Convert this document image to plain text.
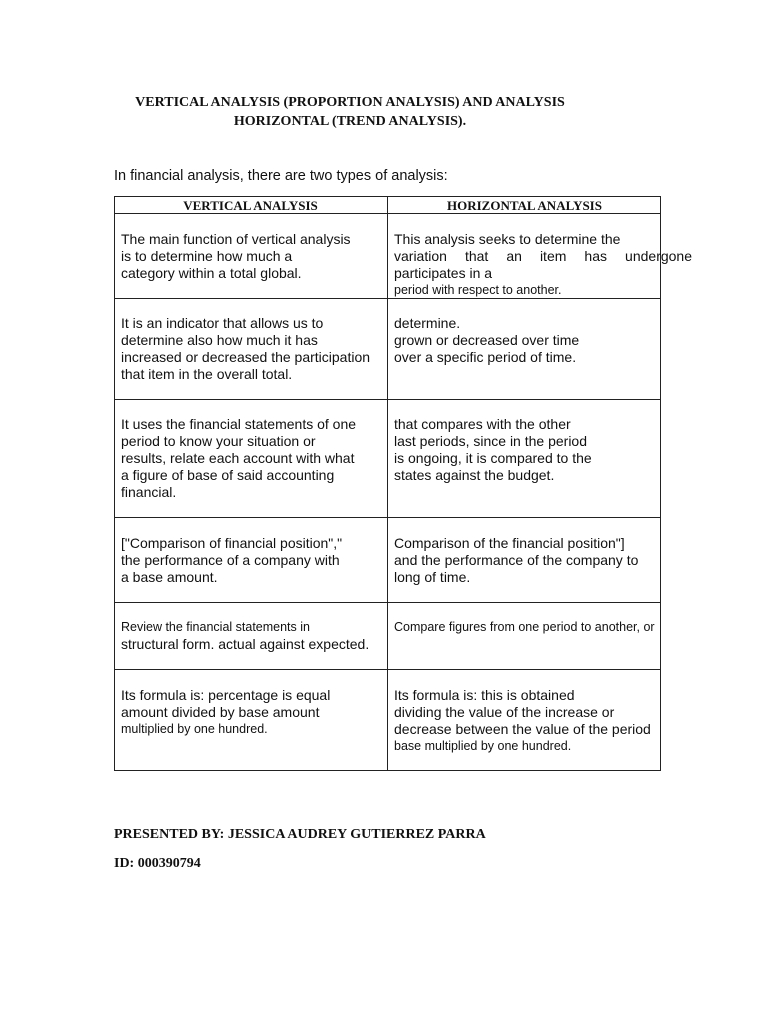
VERTICAL ANALYSIS (PROPORTION ANALYSIS) AND ANALYSIS
HORIZONTAL (TREND ANALYSIS).
In financial analysis, there are two types of analysis:
VERTICAL ANALYSIS	HORIZONTAL ANALYSIS
The main function of vertical analysis
is to determine how much a
category within a total global.
This analysis seeks to determine the
variation that an item has undergone participates in a
period with respect to another.
It is an indicator that allows us to
determine also how much it has
increased or decreased the participation
that item in the overall total.
determine.
grown or decreased over time
over a specific period of time.
It uses the financial statements of one
period to know your situation or
results, relate each account with what
a figure of base of said accounting
financial.
that compares with the other
last periods, since in the period
is ongoing, it is compared to the
states against the budget.
["Comparison of financial position","
the performance of a company with
a base amount.
Comparison of the financial position"]
and the performance of the company to
long of time.
Review the financial statements in
structural form. actual against expected.
Compare figures from one period to another, or
Its formula is: percentage is equal
amount divided by base amount
multiplied by one hundred.
Its formula is: this is obtained
dividing the value of the increase or
decrease between the value of the period
base multiplied by one hundred.
PRESENTED BY: JESSICA AUDREY GUTIERREZ PARRA
ID: 000390794
